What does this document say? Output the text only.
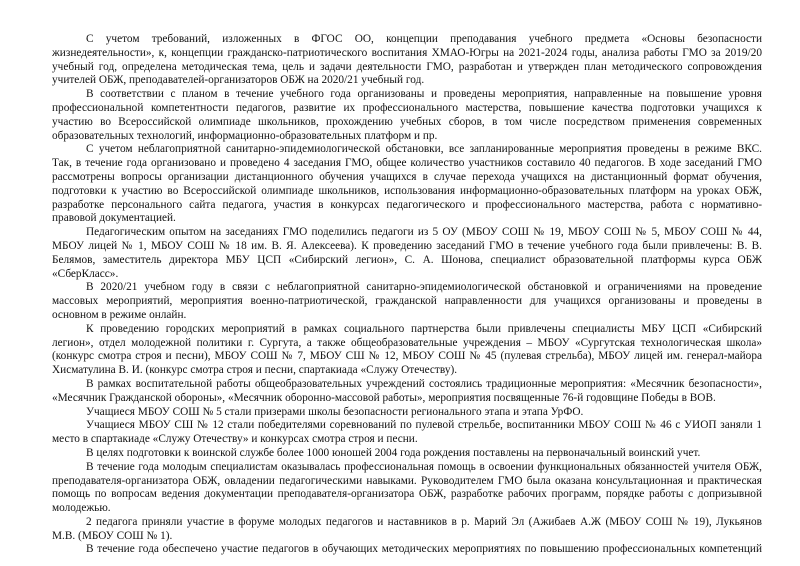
С учетом требований, изложенных в ФГОС ОО, концепции преподавания учебного предмета «Основы безопасности
жизнедеятельности», к, концепции гражданско-патриотического воспитания ХМАО-Югры на 2021-2024 годы, анализа работы ГМО за 2019/20
учебный год, определена методическая тема, цель и задачи деятельности ГМО, разработан и утвержден план методического сопровождения
учителей ОБЖ, преподавателей-организаторов ОБЖ на 2020/21 учебный год.
В соответствии с планом в течение учебного года организованы и проведены мероприятия, направленные на повышение уровня
профессиональной компетентности педагогов, развитие их профессионального мастерства, повышение качества подготовки учащихся к
участию во Всероссийской олимпиаде школьников, прохождению учебных сборов, в том числе посредством применения современных
образовательных технологий, информационно-образовательных платформ и пр.
С учетом неблагоприятной санитарно-эпидемиологической обстановки, все запланированные мероприятия проведены в режиме ВКС.
Так, в течение года организовано и проведено 4 заседания ГМО, общее количество участников составило 40 педагогов. В ходе заседаний ГМО
рассмотрены вопросы организации дистанционного обучения учащихся в случае перехода учащихся на дистанционный формат обучения,
подготовки к участию во Всероссийской олимпиаде школьников, использования информационно-образовательных платформ на уроках ОБЖ,
разработке персонального сайта педагога, участия в конкурсах педагогического и профессионального мастерства, работа с нормативно-
правовой документацией.
Педагогическим опытом на заседаниях ГМО поделились педагоги из 5 ОУ (МБОУ СОШ № 19, МБОУ СОШ № 5, МБОУ СОШ № 44,
МБОУ лицей № 1, МБОУ СОШ № 18 им. В. Я. Алексеева). К проведению заседаний ГМО в течение учебного года были привлечены: В. В.
Белямов, заместитель директора МБУ ЦСП «Сибирский легион», С. А. Шонова, специалист образовательной платформы курса ОБЖ
«СберКласс».
В 2020/21 учебном году в связи с неблагоприятной санитарно-эпидемиологической обстановкой и ограничениями на проведение
массовых мероприятий, мероприятия военно-патриотической, гражданской направленности для учащихся организованы и проведены в
основном в режиме онлайн.
К проведению городских мероприятий в рамках социального партнерства были привлечены специалисты МБУ ЦСП «Сибирский
легион», отдел молодежной политики г. Сургута, а также общеобразовательные учреждения – МБОУ «Сургутская технологическая школа»
(конкурс смотра строя и песни), МБОУ СОШ № 7, МБОУ СШ № 12, МБОУ СОШ № 45 (пулевая стрельба), МБОУ лицей им. генерал-майора
Хисматулина В. И. (конкурс смотра строя и песни, спартакиада «Служу Отечеству).
В рамках воспитательной работы общеобразовательных учреждений состоялись традиционные мероприятия: «Месячник безопасности»,
«Месячник Гражданской обороны», «Месячник оборонно-массовой работы», мероприятия посвященные 76-й годовщине Победы в ВОВ.
Учащиеся МБОУ СОШ № 5 стали призерами школы безопасности регионального этапа и этапа УрФО.
Учащиеся МБОУ СШ № 12 стали победителями соревнований по пулевой стрельбе, воспитанники МБОУ СОШ № 46 с УИОП заняли 1
место в спартакиаде «Служу Отечеству» и конкурсах смотра строя и песни.
В целях подготовки к воинской службе более 1000 юношей 2004 года рождения поставлены на первоначальный воинский учет.
В течение года молодым специалистам оказывалась профессиональная помощь в освоении функциональных обязанностей учителя ОБЖ,
преподавателя-организатора ОБЖ, овладении педагогическими навыками. Руководителем ГМО была оказана консультационная и практическая
помощь по вопросам ведения документации преподавателя-организатора ОБЖ, разработке рабочих программ, порядке работы с допризывной
молодежью.
2 педагога приняли участие в форуме молодых педагогов и наставников в р. Марий Эл (Ажибаев А.Ж (МБОУ СОШ № 19), Лукьянов
М.В. (МБОУ СОШ № 1).
В течение года обеспечено участие педагогов в обучающих методических мероприятиях по повышению профессиональных компетенций
